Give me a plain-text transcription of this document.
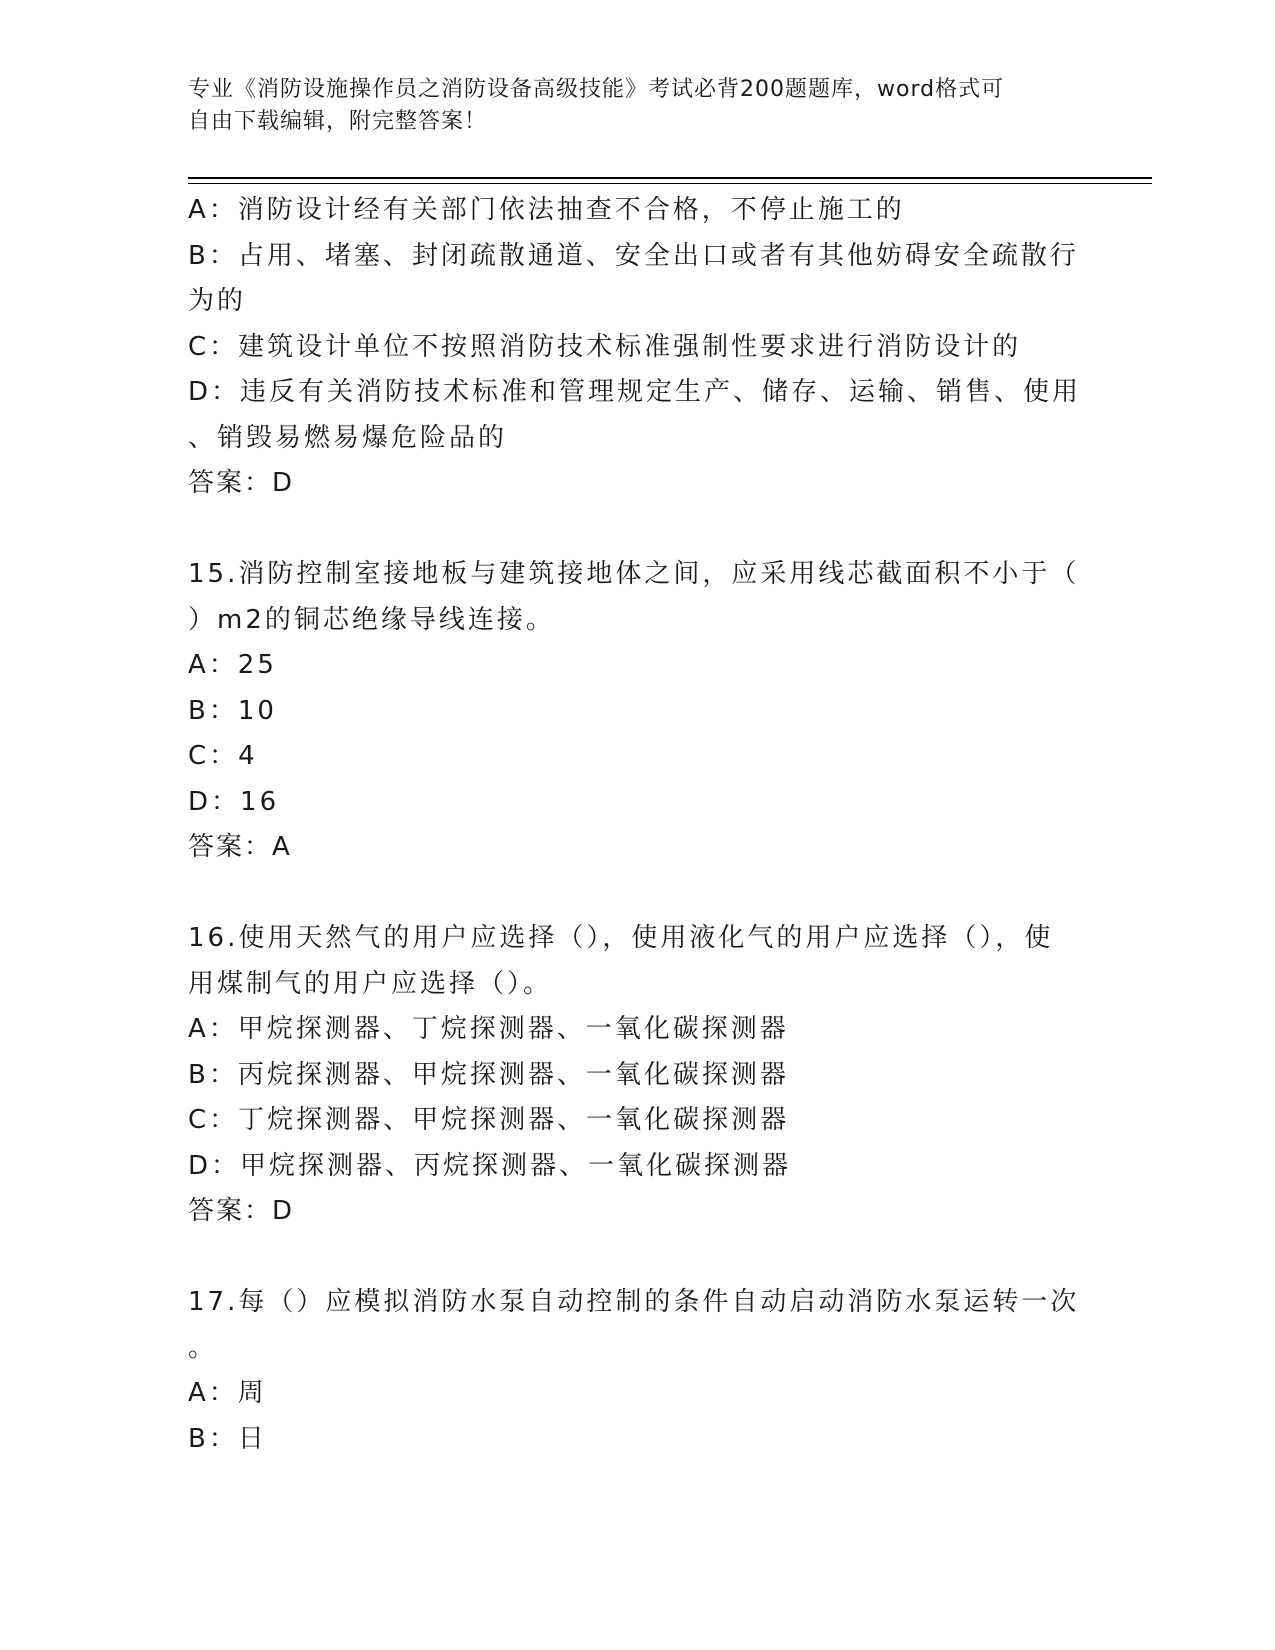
专业《消防设施操作员之消防设备高级技能》考试必背200题题库，word格式可

自由下载编辑，附完整答案！

A：消防设计经有关部门依法抽查不合格，不停止施工的
B：占用、堵塞、封闭疏散通道、安全出口或者有其他妨碍安全疏散行
为的
C：建筑设计单位不按照消防技术标准强制性要求进行消防设计的
D：违反有关消防技术标准和管理规定生产、储存、运输、销售、使用
、销毁易燃易爆危险品的
答案：D
15.消防控制室接地板与建筑接地体之间，应采用线芯截面积不小于（
）m2的铜芯绝缘导线连接。
A：25
B：10
C：4
D：16
答案：A
16.使用天然气的用户应选择（），使用液化气的用户应选择（），使
用煤制气的用户应选择（）。
A：甲烷探测器、丁烷探测器、一氧化碳探测器
B：丙烷探测器、甲烷探测器、一氧化碳探测器
C：丁烷探测器、甲烷探测器、一氧化碳探测器
D：甲烷探测器、丙烷探测器、一氧化碳探测器
答案：D
17.每（）应模拟消防水泵自动控制的条件自动启动消防水泵运转一次
。
A：周
B：日
